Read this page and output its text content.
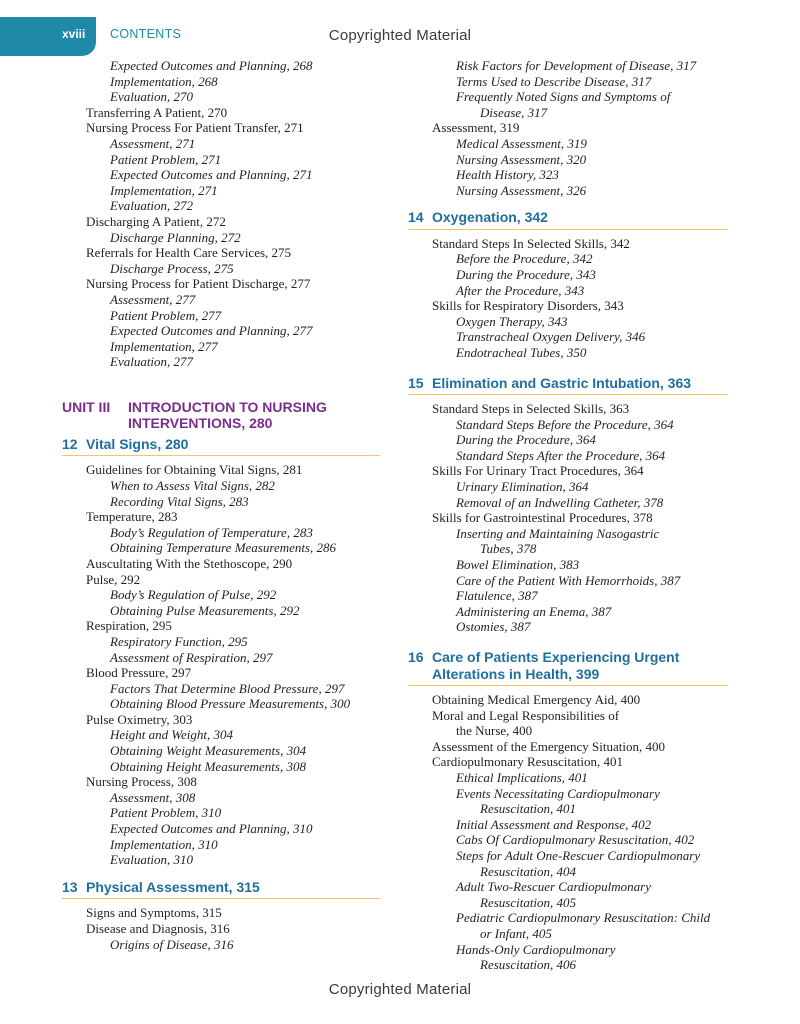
xviii CONTENTS	Copyrighted Material
Copyrighted Material
Expected Outcomes and Planning, 268
Implementation, 268
Evaluation, 270
Transferring A Patient, 270
Nursing Process For Patient Transfer, 271
Assessment, 271
Patient Problem, 271
Expected Outcomes and Planning, 271
Implementation, 271
Evaluation, 272
Discharging A Patient, 272
Discharge Planning, 272
Referrals for Health Care Services, 275
Discharge Process, 275
Nursing Process for Patient Discharge, 277
Assessment, 277
Patient Problem, 277
Expected Outcomes and Planning, 277
Implementation, 277
Evaluation, 277
UNIT III	INTRODUCTION TO NURSING
INTERVENTIONS, 280
12 Vital Signs, 280
Guidelines for Obtaining Vital Signs, 281
When to Assess Vital Signs, 282
Recording Vital Signs, 283
Temperature, 283
Body’s Regulation of Temperature, 283
Obtaining Temperature Measurements, 286
Auscultating With the Stethoscope, 290
Pulse, 292
Body’s Regulation of Pulse, 292
Obtaining Pulse Measurements, 292
Respiration, 295
Respiratory Function, 295
Assessment of Respiration, 297
Blood Pressure, 297
Factors That Determine Blood Pressure, 297
Obtaining Blood Pressure Measurements, 300
Pulse Oximetry, 303
Height and Weight, 304
Obtaining Weight Measurements, 304
Obtaining Height Measurements, 308
Nursing Process, 308
Assessment, 308
Patient Problem, 310
Expected Outcomes and Planning, 310
Implementation, 310
Evaluation, 310
13 Physical Assessment, 315
Signs and Symptoms, 315
Disease and Diagnosis, 316
Origins of Disease, 316
Risk Factors for Development of Disease, 317
Terms Used to Describe Disease, 317
Frequently Noted Signs and Symptoms of
Disease, 317
Assessment, 319
Medical Assessment, 319
Nursing Assessment, 320
Health History, 323
Nursing Assessment, 326
14 Oxygenation, 342
Standard Steps In Selected Skills, 342
Before the Procedure, 342
During the Procedure, 343
After the Procedure, 343
Skills for Respiratory Disorders, 343
Oxygen Therapy, 343
Transtracheal Oxygen Delivery, 346
Endotracheal Tubes, 350
15 Elimination and Gastric Intubation, 363
Standard Steps in Selected Skills, 363
Standard Steps Before the Procedure, 364
During the Procedure, 364
Standard Steps After the Procedure, 364
Skills For Urinary Tract Procedures, 364
Urinary Elimination, 364
Removal of an Indwelling Catheter, 378
Skills for Gastrointestinal Procedures, 378
Inserting and Maintaining Nasogastric
Tubes, 378
Bowel Elimination, 383
Care of the Patient With Hemorrhoids, 387
Flatulence, 387
Administering an Enema, 387
Ostomies, 387
16 Care of Patients Experiencing Urgent
Alterations in Health, 399
Obtaining Medical Emergency Aid, 400
Moral and Legal Responsibilities of
the Nurse, 400
Assessment of the Emergency Situation, 400
Cardiopulmonary Resuscitation, 401
Ethical Implications, 401
Events Necessitating Cardiopulmonary
Resuscitation, 401
Initial Assessment and Response, 402
Cabs Of Cardiopulmonary Resuscitation, 402
Steps for Adult One-Rescuer Cardiopulmonary
Resuscitation, 404
Adult Two-Rescuer Cardiopulmonary
Resuscitation, 405
Pediatric Cardiopulmonary Resuscitation: Child
or Infant, 405
Hands-Only Cardiopulmonary
Resuscitation, 406
